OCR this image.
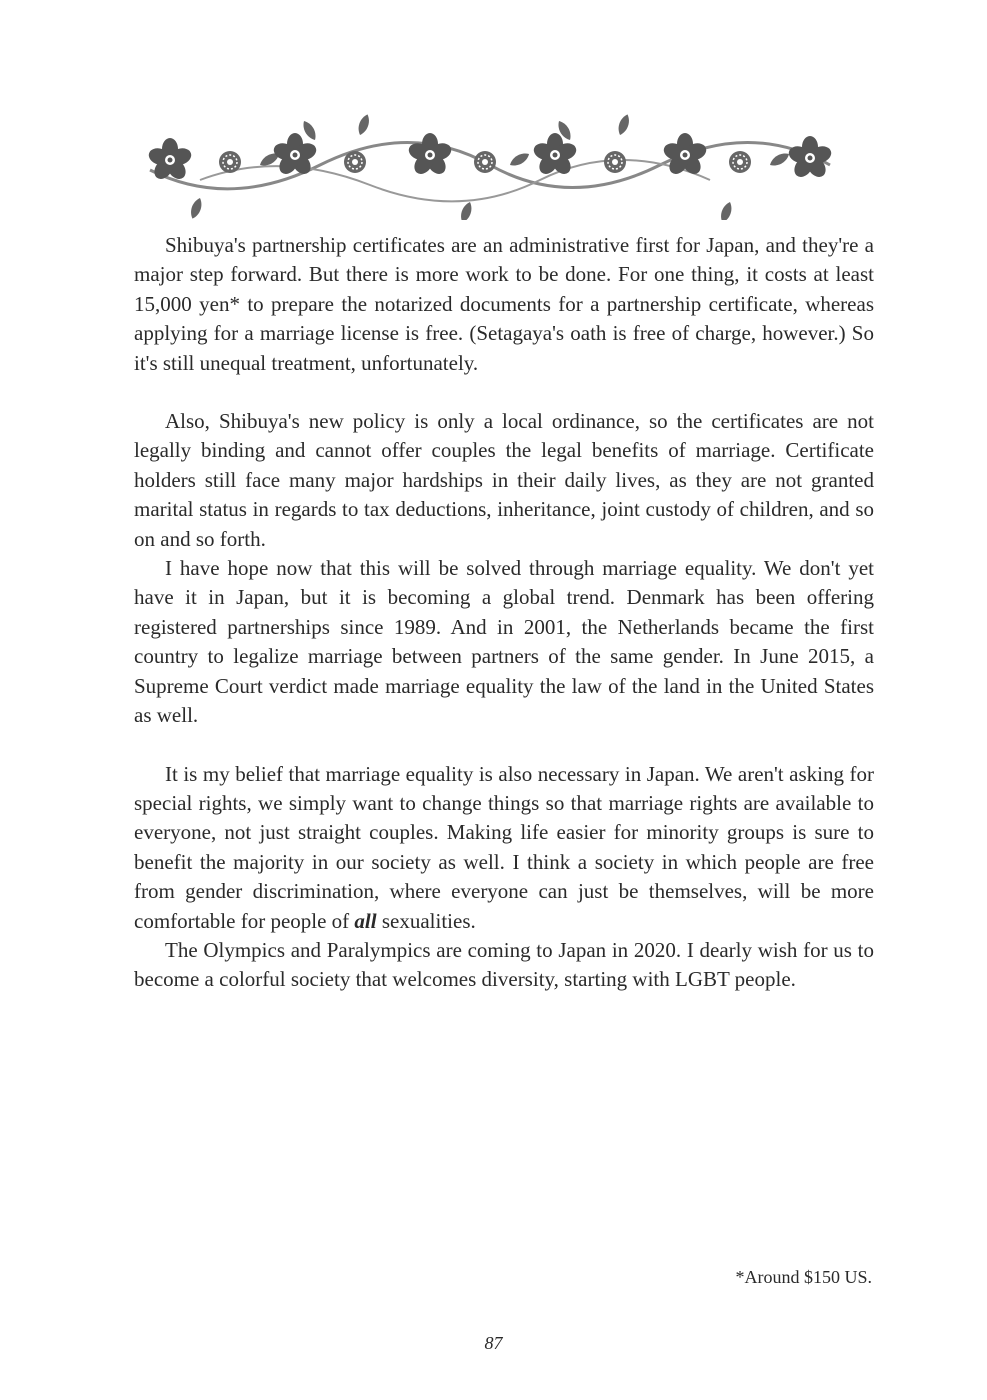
Shibuya's partnership certificates are an administrative first for Japan, and they're a major step forward. But there is more work to be done. For one thing, it costs at least 15,000 yen* to prepare the notarized documents for a partnership certificate, whereas applying for a marriage license is free. (Setagaya's oath is free of charge, however.) So it's still unequal treatment, unfortunately.

Also, Shibuya's new policy is only a local ordinance, so the certificates are not legally binding and cannot offer couples the legal benefits of marriage. Certificate holders still face many major hardships in their daily lives, as they are not granted marital status in regards to tax deductions, inheritance, joint custody of children, and so on and so forth.

I have hope now that this will be solved through marriage equality. We don't yet have it in Japan, but it is becoming a global trend. Denmark has been offering registered partnerships since 1989. And in 2001, the Netherlands became the first country to legalize marriage between partners of the same gender. In June 2015, a Supreme Court verdict made marriage equality the law of the land in the United States as well.

It is my belief that marriage equality is also necessary in Japan. We aren't asking for special rights, we simply want to change things so that marriage rights are available to everyone, not just straight couples. Making life easier for minority groups is sure to benefit the majority in our society as well. I think a society in which people are free from gender discrimination, where everyone can just be themselves, will be more comfortable for people of all sexualities.

The Olympics and Paralympics are coming to Japan in 2020. I dearly wish for us to become a colorful society that welcomes diversity, starting with LGBT people.

*Around $150 US.
87
